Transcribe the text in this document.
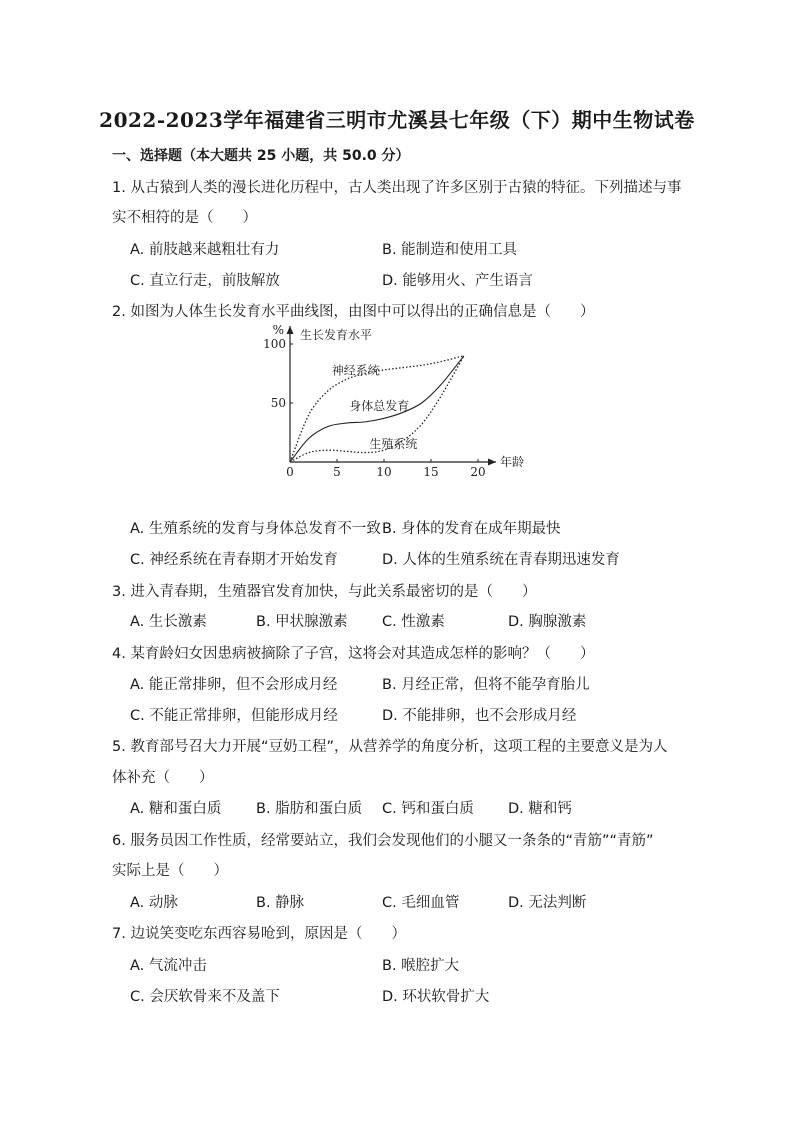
2022-2023学年福建省三明市尤溪县七年级（下）期中生物试卷
一、选择题（本大题共 25 小题，共 50.0 分）
1. 从古猿到人类的漫长进化历程中，古人类出现了许多区别于古猿的特征。下列描述与事
实不相符的是（　　）
A. 前肢越来越粗壮有力	B. 能制造和使用工具
C. 直立行走，前肢解放	D. 能够用火、产生语言
2. 如图为人体生长发育水平曲线图，由图中可以得出的正确信息是（　　）
0	5	10	15	20
50
100
% 生长发育水平
年龄
神经系统
身体总发育
生殖系统
A. 生殖系统的发育与身体总发育不一致 B. 身体的发育在成年期最快
C. 神经系统在青春期才开始发育	D. 人体的生殖系统在青春期迅速发育
3. 进入青春期，生殖器官发育加快，与此关系最密切的是（　　）
A. 生长激素	B. 甲状腺激素 C. 性激素	D. 胸腺激素
4. 某育龄妇女因患病被摘除了子宫，这将会对其造成怎样的影响？（　　）
A. 能正常排卵，但不会形成月经	B. 月经正常，但将不能孕育胎儿
C. 不能正常排卵，但能形成月经	D. 不能排卵，也不会形成月经
5. 教育部号召大力开展“豆奶工程”，从营养学的角度分析，这项工程的主要意义是为人
体补充（　　）
A. 糖和蛋白质 B. 脂肪和蛋白质 C. 钙和蛋白质 D. 糖和钙
6. 服务员因工作性质，经常要站立，我们会发现他们的小腿又一条条的“青筋”“青筋”
实际上是（　　）
A. 动脉	B. 静脉	C. 毛细血管	D. 无法判断
7. 边说笑变吃东西容易呛到，原因是（　　）
A. 气流冲击	B. 喉腔扩大
C. 会厌软骨来不及盖下	D. 环状软骨扩大
